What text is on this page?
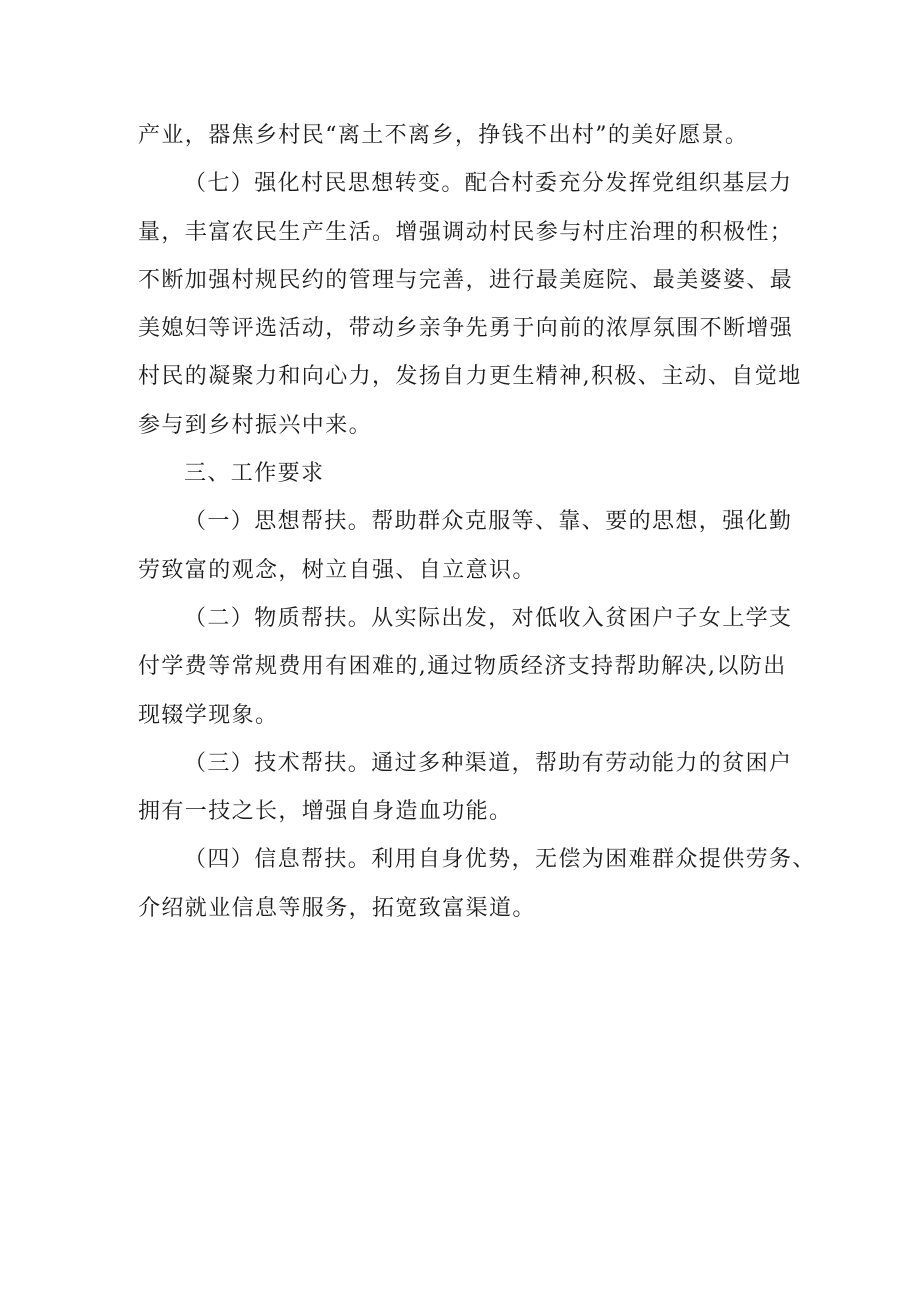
产业，器焦乡村民“离土不离乡，挣钱不出村”的美好愿景。
（七）强化村民思想转变。配合村委充分发挥党组织基层力
量，丰富农民生产生活。增强调动村民参与村庄治理的积极性；
不断加强村规民约的管理与完善，进行最美庭院、最美婆婆、最
美媳妇等评选活动，带动乡亲争先勇于向前的浓厚氛围不断增强
村民的凝聚力和向心力，发扬自力更生精神,积极、主动、自觉地
参与到乡村振兴中来。
三、工作要求
（一）思想帮扶。帮助群众克服等、靠、要的思想，强化勤
劳致富的观念，树立自强、自立意识。
（二）物质帮扶。从实际出发，对低收入贫困户子女上学支
付学费等常规费用有困难的,通过物质经济支持帮助解决,以防出
现辍学现象。
（三）技术帮扶。通过多种渠道，帮助有劳动能力的贫困户
拥有一技之长，增强自身造血功能。
（四）信息帮扶。利用自身优势，无偿为困难群众提供劳务、
介绍就业信息等服务，拓宽致富渠道。
